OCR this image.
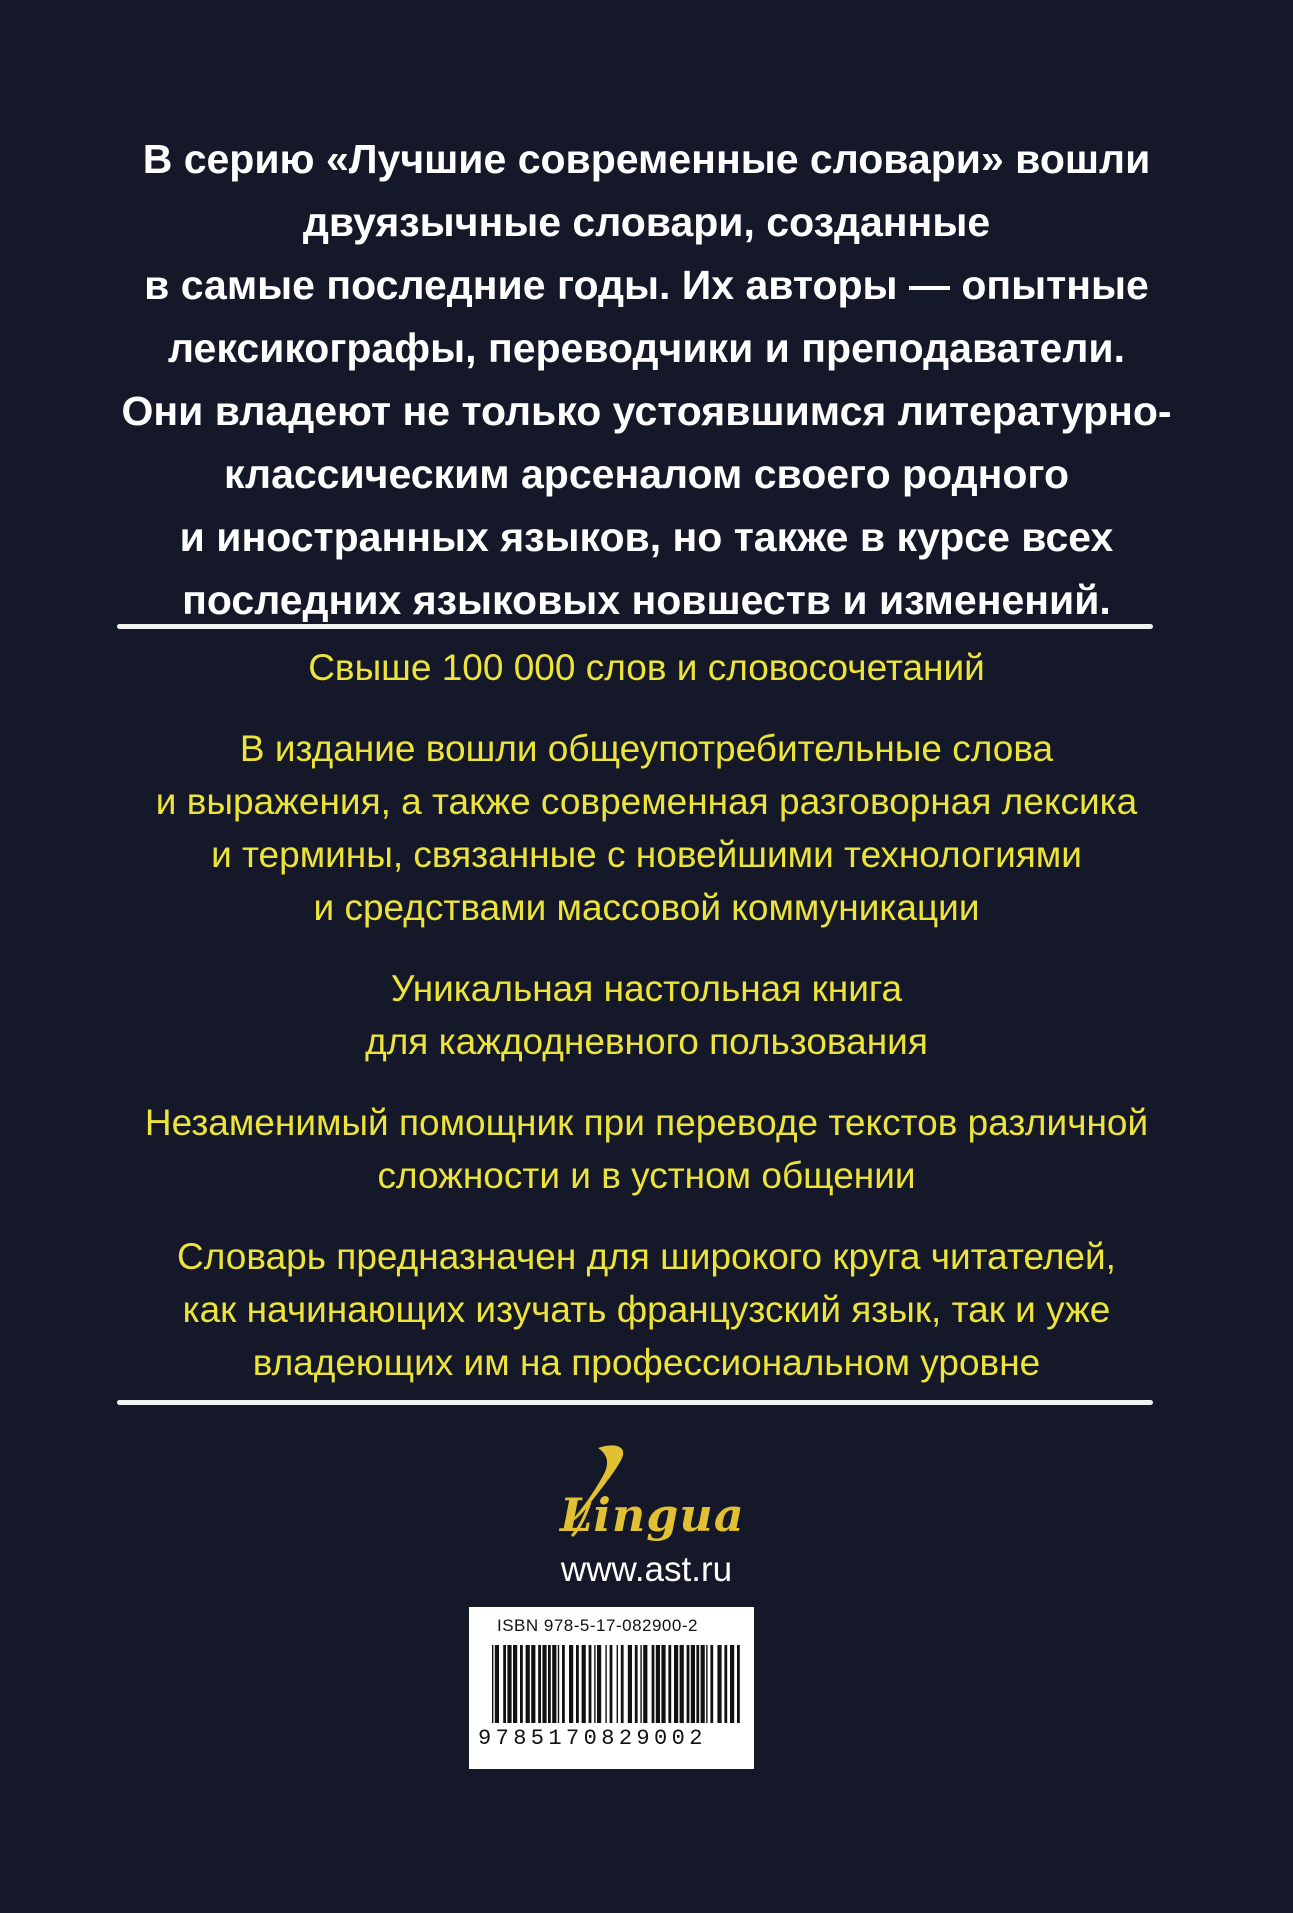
В серию «Лучшие современные словари» вошли
двуязычные словари, созданные
в самые последние годы. Их авторы — опытные
лексикографы, переводчики и преподаватели.
Они владеют не только устоявшимся литературно-
классическим арсеналом своего родного
и иностранных языков, но также в курсе всех
последних языковых новшеств и изменений.
Свыше 100 000 слов и словосочетаний
В издание вошли общеупотребительные слова
и выражения, а также современная разговорная лексика
и термины, связанные с новейшими технологиями
и средствами массовой коммуникации
Уникальная настольная книга
для каждодневного пользования
Незаменимый помощник при переводе текстов различной
сложности и в устном общении
Словарь предназначен для широкого круга читателей,
как начинающих изучать французский язык, так и уже
владеющих им на профессиональном уровне
Lingua
www.ast.ru
ISBN 978-5-17-082900-2
9785170829002
